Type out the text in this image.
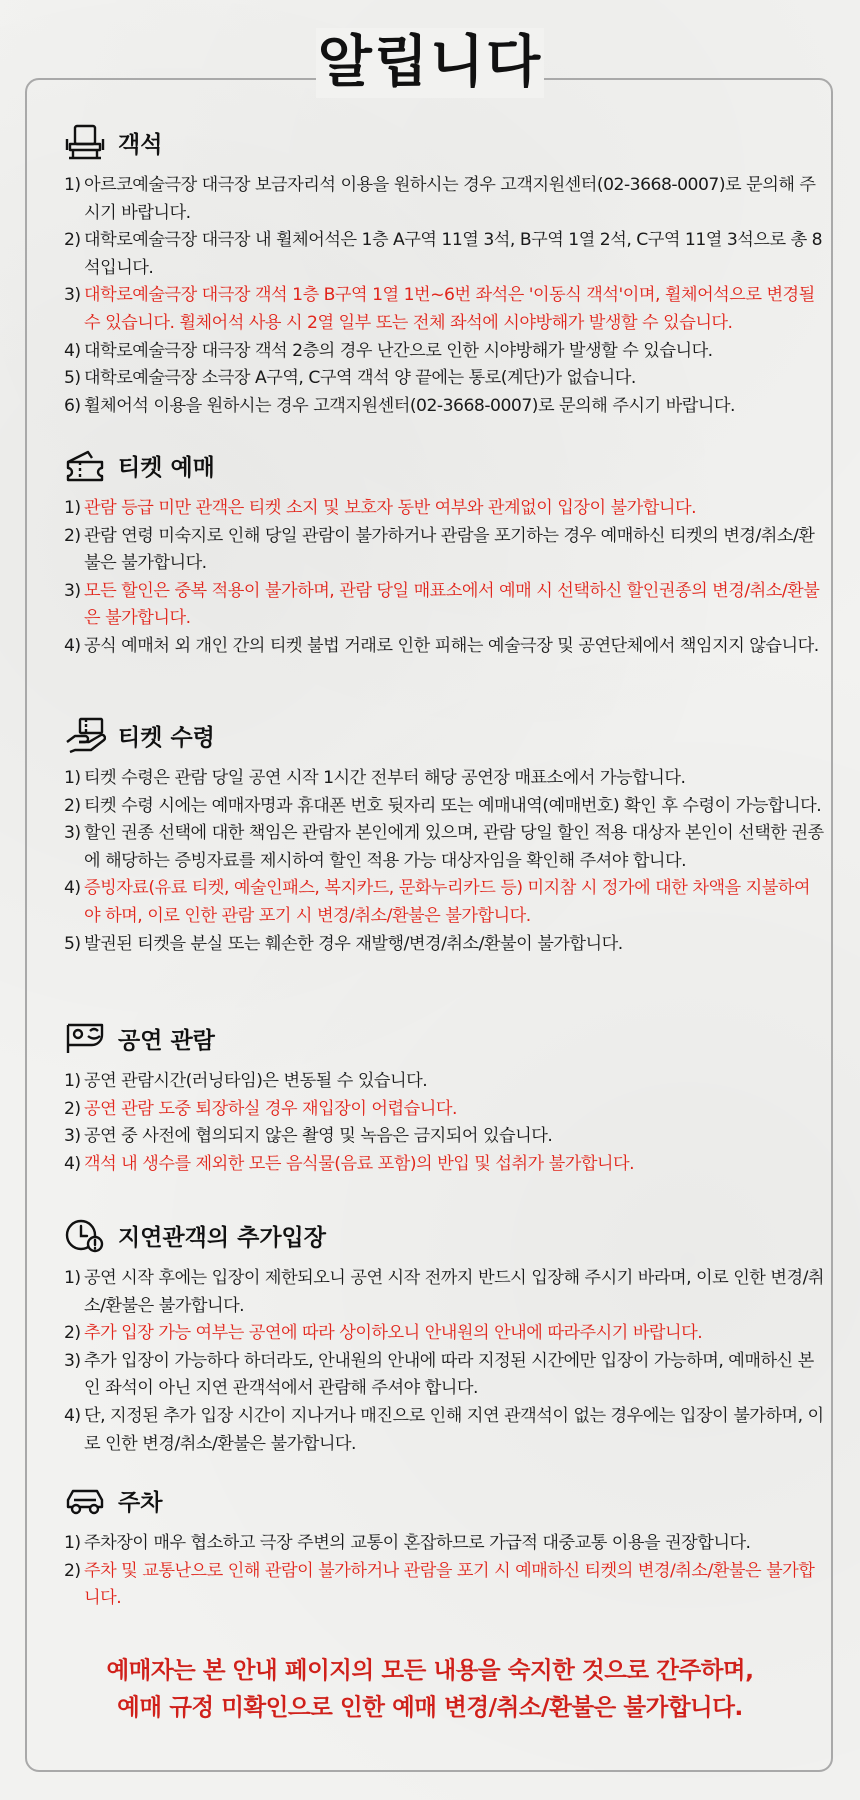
알립니다
객석
1) 아르코예술극장 대극장 보금자리석 이용을 원하시는 경우 고객지원센터(02-3668-0007)로 문의해 주시기 바랍니다.
2) 대학로예술극장 대극장 내 휠체어석은 1층 A구역 11열 3석, B구역 1열 2석, C구역 11열 3석으로 총 8석입니다.
3) 대학로예술극장 대극장 객석 1층 B구역 1열 1번~6번 좌석은 '이동식 객석'이며, 휠체어석으로 변경될 수 있습니다. 휠체어석 사용 시 2열 일부 또는 전체 좌석에 시야방해가 발생할 수 있습니다.
4) 대학로예술극장 대극장 객석 2층의 경우 난간으로 인한 시야방해가 발생할 수 있습니다.
5) 대학로예술극장 소극장 A구역, C구역 객석 양 끝에는 통로(계단)가 없습니다.
6) 휠체어석 이용을 원하시는 경우 고객지원센터(02-3668-0007)로 문의해 주시기 바랍니다.
티켓 예매
1) 관람 등급 미만 관객은 티켓 소지 및 보호자 동반 여부와 관계없이 입장이 불가합니다.
2) 관람 연령 미숙지로 인해 당일 관람이 불가하거나 관람을 포기하는 경우 예매하신 티켓의 변경/취소/환불은 불가합니다.
3) 모든 할인은 중복 적용이 불가하며, 관람 당일 매표소에서 예매 시 선택하신 할인권종의 변경/취소/환불은 불가합니다.
4) 공식 예매처 외 개인 간의 티켓 불법 거래로 인한 피해는 예술극장 및 공연단체에서 책임지지 않습니다.
티켓 수령
1) 티켓 수령은 관람 당일 공연 시작 1시간 전부터 해당 공연장 매표소에서 가능합니다.
2) 티켓 수령 시에는 예매자명과 휴대폰 번호 뒷자리 또는 예매내역(예매번호) 확인 후 수령이 가능합니다.
3) 할인 권종 선택에 대한 책임은 관람자 본인에게 있으며, 관람 당일 할인 적용 대상자 본인이 선택한 권종에 해당하는 증빙자료를 제시하여 할인 적용 가능 대상자임을 확인해 주셔야 합니다.
4) 증빙자료(유료 티켓, 예술인패스, 복지카드, 문화누리카드 등) 미지참 시 정가에 대한 차액을 지불하여야 하며, 이로 인한 관람 포기 시 변경/취소/환불은 불가합니다.
5) 발권된 티켓을 분실 또는 훼손한 경우 재발행/변경/취소/환불이 불가합니다.
공연 관람
1) 공연 관람시간(러닝타임)은 변동될 수 있습니다.
2) 공연 관람 도중 퇴장하실 경우 재입장이 어렵습니다.
3) 공연 중 사전에 협의되지 않은 촬영 및 녹음은 금지되어 있습니다.
4) 객석 내 생수를 제외한 모든 음식물(음료 포함)의 반입 및 섭취가 불가합니다.
지연관객의 추가입장
1) 공연 시작 후에는 입장이 제한되오니 공연 시작 전까지 반드시 입장해 주시기 바라며, 이로 인한 변경/취소/환불은 불가합니다.
2) 추가 입장 가능 여부는 공연에 따라 상이하오니 안내원의 안내에 따라주시기 바랍니다.
3) 추가 입장이 가능하다 하더라도, 안내원의 안내에 따라 지정된 시간에만 입장이 가능하며, 예매하신 본인 좌석이 아닌 지연 관객석에서 관람해 주셔야 합니다.
4) 단, 지정된 추가 입장 시간이 지나거나 매진으로 인해 지연 관객석이 없는 경우에는 입장이 불가하며, 이로 인한 변경/취소/환불은 불가합니다.
주차
1) 주차장이 매우 협소하고 극장 주변의 교통이 혼잡하므로 가급적 대중교통 이용을 권장합니다.
2) 주차 및 교통난으로 인해 관람이 불가하거나 관람을 포기 시 예매하신 티켓의 변경/취소/환불은 불가합니다.
예매자는 본 안내 페이지의 모든 내용을 숙지한 것으로 간주하며,
예매 규정 미확인으로 인한 예매 변경/취소/환불은 불가합니다.
